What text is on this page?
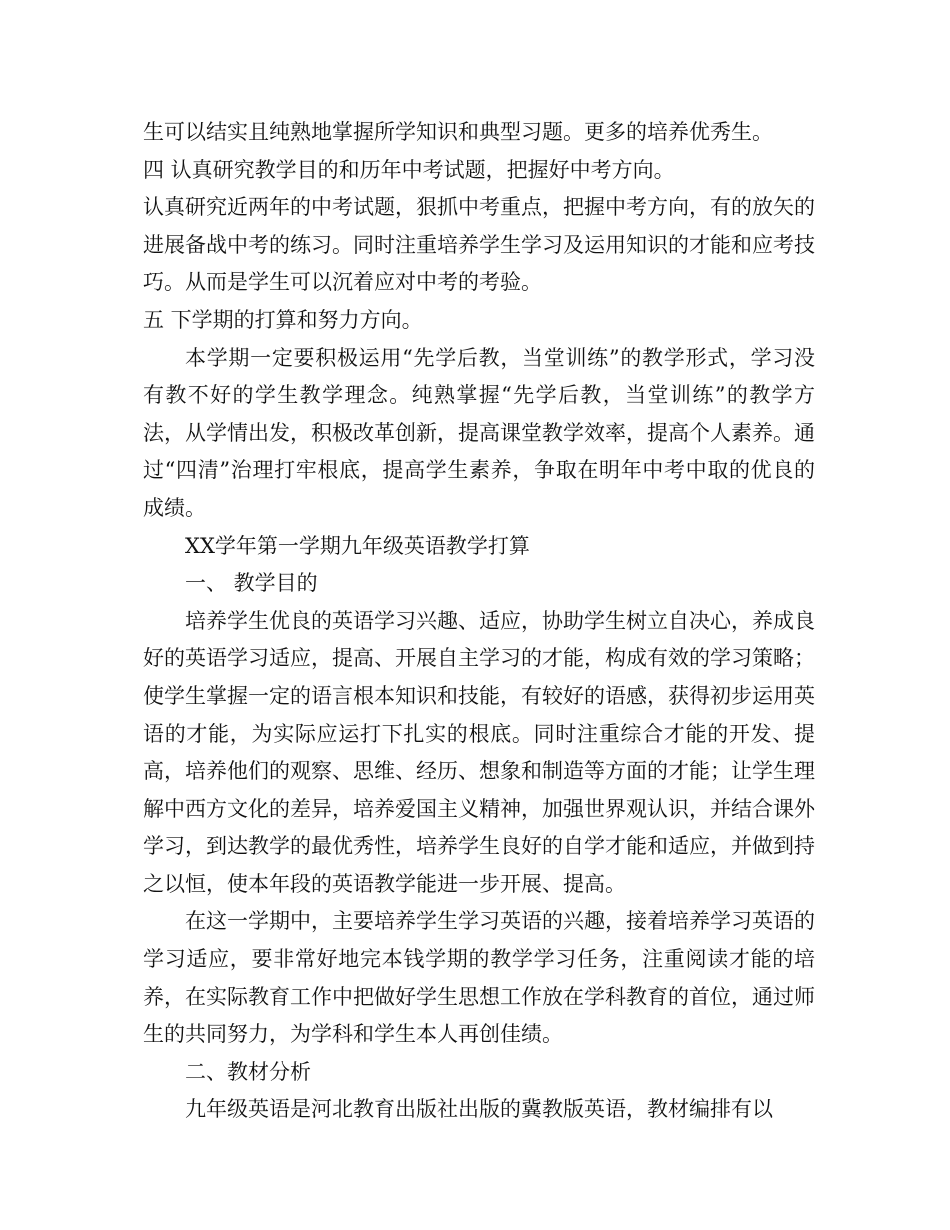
生可以结实且纯熟地掌握所学知识和典型习题。更多的培养优秀生。

四 认真研究教学目的和历年中考试题，把握好中考方向。

认真研究近两年的中考试题，狠抓中考重点，把握中考方向，有的放矢的进展备战中考的练习。同时注重培养学生学习及运用知识的才能和应考技巧。从而是学生可以沉着应对中考的考验。

五 下学期的打算和努力方向。

本学期一定要积极运用“先学后教，当堂训练”的教学形式，学习没有教不好的学生教学理念。纯熟掌握“先学后教，当堂训练”的教学方法，从学情出发，积极改革创新，提高课堂教学效率，提高个人素养。通过“四清”治理打牢根底，提高学生素养，争取在明年中考中取的优良的成绩。

XX学年第一学期九年级英语教学打算

一、 教学目的

培养学生优良的英语学习兴趣、适应，协助学生树立自决心，养成良好的英语学习适应，提高、开展自主学习的才能，构成有效的学习策略；使学生掌握一定的语言根本知识和技能，有较好的语感，获得初步运用英语的才能，为实际应运打下扎实的根底。同时注重综合才能的开发、提高，培养他们的观察、思维、经历、想象和制造等方面的才能；让学生理解中西方文化的差异，培养爱国主义精神，加强世界观认识，并结合课外学习，到达教学的最优秀性，培养学生良好的自学才能和适应，并做到持之以恒，使本年段的英语教学能进一步开展、提高。

在这一学期中，主要培养学生学习英语的兴趣，接着培养学习英语的学习适应，要非常好地完本钱学期的教学学习任务，注重阅读才能的培养，在实际教育工作中把做好学生思想工作放在学科教育的首位，通过师生的共同努力，为学科和学生本人再创佳绩。

二、教材分析

九年级英语是河北教育出版社出版的冀教版英语，教材编排有以
